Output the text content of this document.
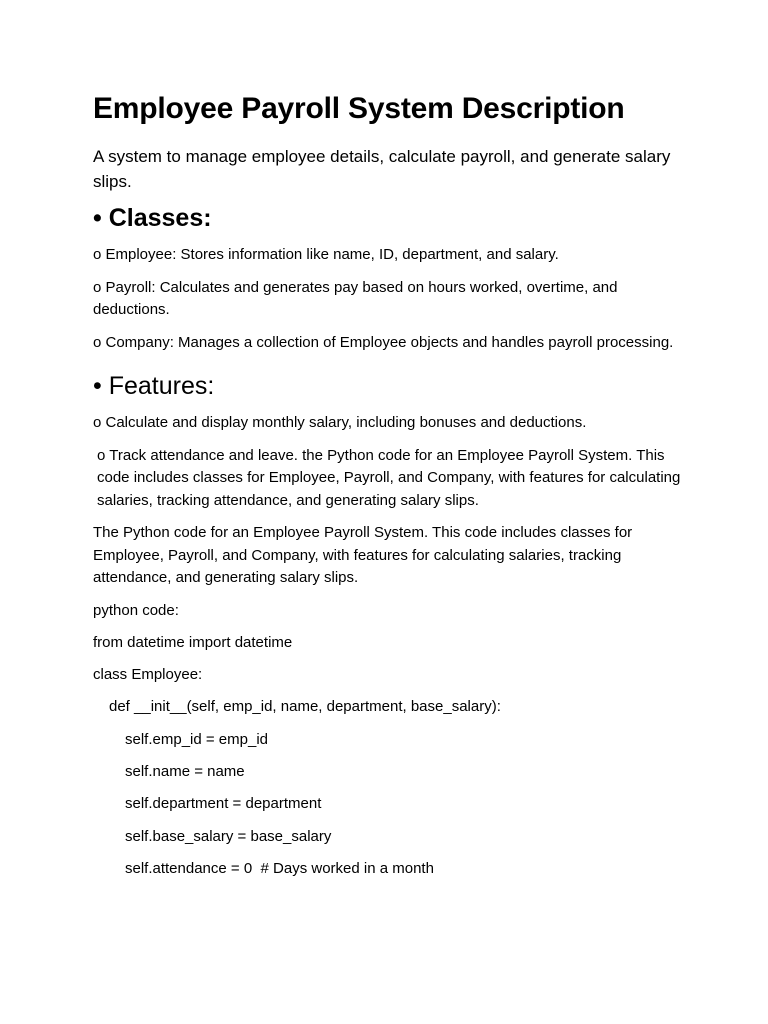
Employee Payroll System Description

A system to manage employee details, calculate payroll, and generate salary slips.

• Classes:

o Employee: Stores information like name, ID, department, and salary.

o Payroll: Calculates and generates pay based on hours worked, overtime, and deductions.

o Company: Manages a collection of Employee objects and handles payroll processing.

• Features:

o Calculate and display monthly salary, including bonuses and deductions.

o Track attendance and leave. the Python code for an Employee Payroll System. This code includes classes for Employee, Payroll, and Company, with features for calculating salaries, tracking attendance, and generating salary slips.

The Python code for an Employee Payroll System. This code includes classes for Employee, Payroll, and Company, with features for calculating salaries, tracking attendance, and generating salary slips.

python code:
from datetime import datetime
class Employee:
def __init__(self, emp_id, name, department, base_salary):
self.emp_id = emp_id
self.name = name
self.department = department
self.base_salary = base_salary
self.attendance = 0  # Days worked in a month
